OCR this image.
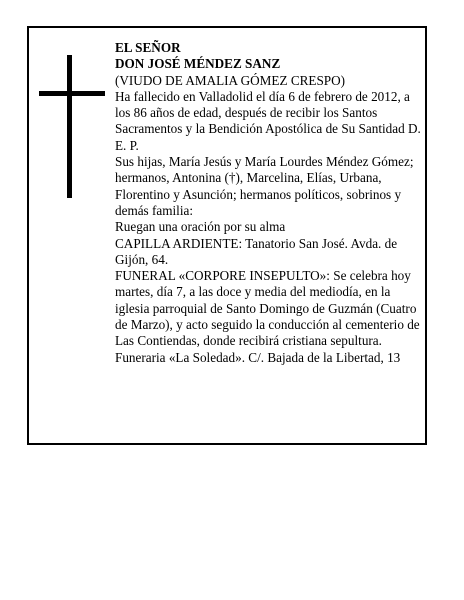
EL SEÑOR

DON JOSÉ MÉNDEZ SANZ

(VIUDO DE AMALIA GÓMEZ CRESPO)

Ha fallecido en Valladolid el día 6 de febrero de 2012, a los 86 años de edad, después de recibir los Santos Sacramentos y la Bendición Apostólica de Su Santidad D. E. P.

Sus hijas, María Jesús y María Lourdes Méndez Gómez; hermanos, Antonina (†), Marcelina, Elías, Urbana, Florentino y Asunción; hermanos políticos, sobrinos y demás familia:

Ruegan una oración por su alma

CAPILLA ARDIENTE: Tanatorio San José. Avda. de Gijón, 64.

FUNERAL «CORPORE INSEPULTO»: Se celebra hoy martes, día 7, a las doce y media del mediodía, en la iglesia parroquial de Santo Domingo de Guzmán (Cuatro de Marzo), y acto seguido la conducción al cementerio de Las Contiendas, donde recibirá cristiana sepultura.

Funeraria «La Soledad». C/. Bajada de la Libertad, 13
